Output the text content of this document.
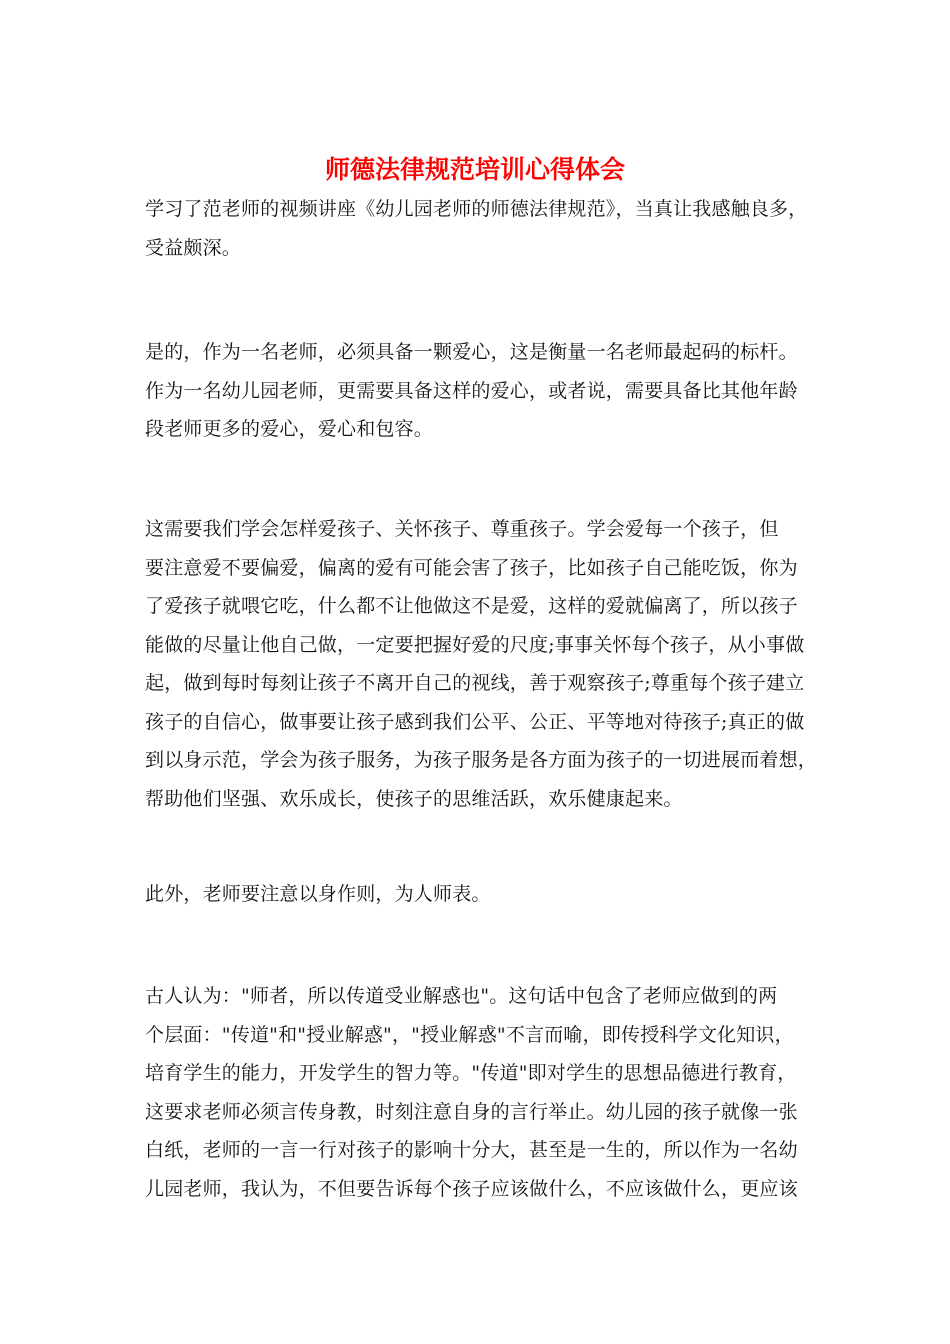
师德法律规范培训心得体会

学习了范老师的视频讲座《幼儿园老师的师德法律规范》，当真让我感触良多，
受益颇深。

是的，作为一名老师，必须具备一颗爱心，这是衡量一名老师最起码的标杆。
作为一名幼儿园老师，更需要具备这样的爱心，或者说，需要具备比其他年龄
段老师更多的爱心，爱心和包容。

这需要我们学会怎样爱孩子、关怀孩子、尊重孩子。学会爱每一个孩子，但
要注意爱不要偏爱，偏离的爱有可能会害了孩子，比如孩子自己能吃饭，你为
了爱孩子就喂它吃，什么都不让他做这不是爱，这样的爱就偏离了，所以孩子
能做的尽量让他自己做，一定要把握好爱的尺度;事事关怀每个孩子，从小事做
起，做到每时每刻让孩子不离开自己的视线，善于观察孩子;尊重每个孩子建立
孩子的自信心，做事要让孩子感到我们公平、公正、平等地对待孩子;真正的做
到以身示范，学会为孩子服务，为孩子服务是各方面为孩子的一切进展而着想，
帮助他们坚强、欢乐成长，使孩子的思维活跃，欢乐健康起来。

此外，老师要注意以身作则，为人师表。

古人认为："师者，所以传道受业解惑也"。这句话中包含了老师应做到的两
个层面："传道"和"授业解惑"，"授业解惑"不言而喻，即传授科学文化知识，
培育学生的能力，开发学生的智力等。"传道"即对学生的思想品德进行教育，
这要求老师必须言传身教，时刻注意自身的言行举止。幼儿园的孩子就像一张
白纸，老师的一言一行对孩子的影响十分大，甚至是一生的，所以作为一名幼
儿园老师，我认为，不但要告诉每个孩子应该做什么，不应该做什么，更应该
